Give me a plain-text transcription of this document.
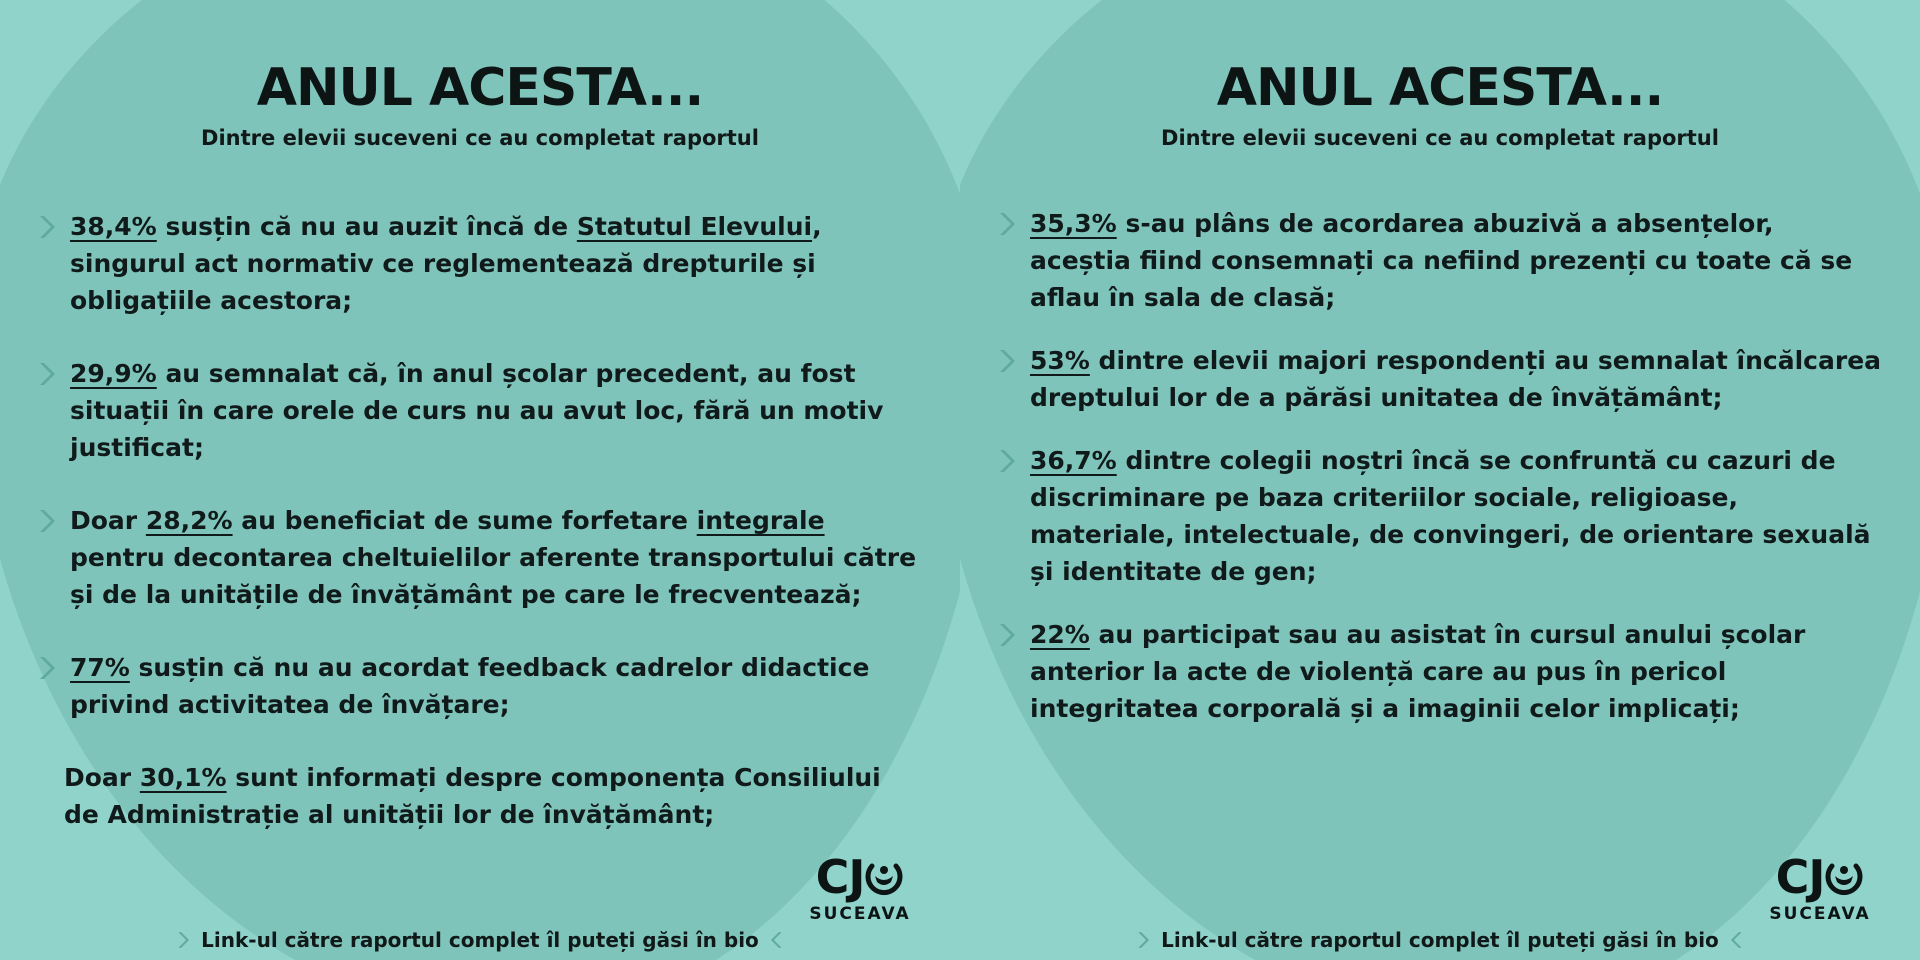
ANUL ACESTA...
Dintre elevii suceveni ce au completat raportul
38,4% susțin că nu au auzit încă de Statutul Elevului, singurul act normativ ce reglementează drepturile și obligațiile acestora;
29,9% au semnalat că, în anul școlar precedent, au fost situații în care orele de curs nu au avut loc, fără un motiv justificat;
Doar 28,2% au beneficiat de sume forfetare integrale pentru decontarea cheltuielilor aferente transportului către și de la unitățile de învățământ pe care le frecventează;
77% susțin că nu au acordat feedback cadrelor didactice privind activitatea de învățare;
Doar 30,1% sunt informați despre componența Consiliului de Administrație al unității lor de învățământ;
CJ
SUCEAVA
Link-ul către raportul complet îl puteți găsi în bio
ANUL ACESTA...
Dintre elevii suceveni ce au completat raportul
35,3% s-au plâns de acordarea abuzivă a absențelor, aceștia fiind consemnați ca nefiind prezenți cu toate că se aflau în sala de clasă;
53% dintre elevii majori respondenți au semnalat încălcarea dreptului lor de a părăsi unitatea de învățământ;
36,7% dintre colegii noștri încă se confruntă cu cazuri de discriminare pe baza criteriilor sociale, religioase, materiale, intelectuale, de convingeri, de orientare sexuală și identitate de gen;
22% au participat sau au asistat în cursul anului școlar anterior la acte de violență care au pus în pericol integritatea corporală și a imaginii celor implicați;
CJ
SUCEAVA
Link-ul către raportul complet îl puteți găsi în bio
